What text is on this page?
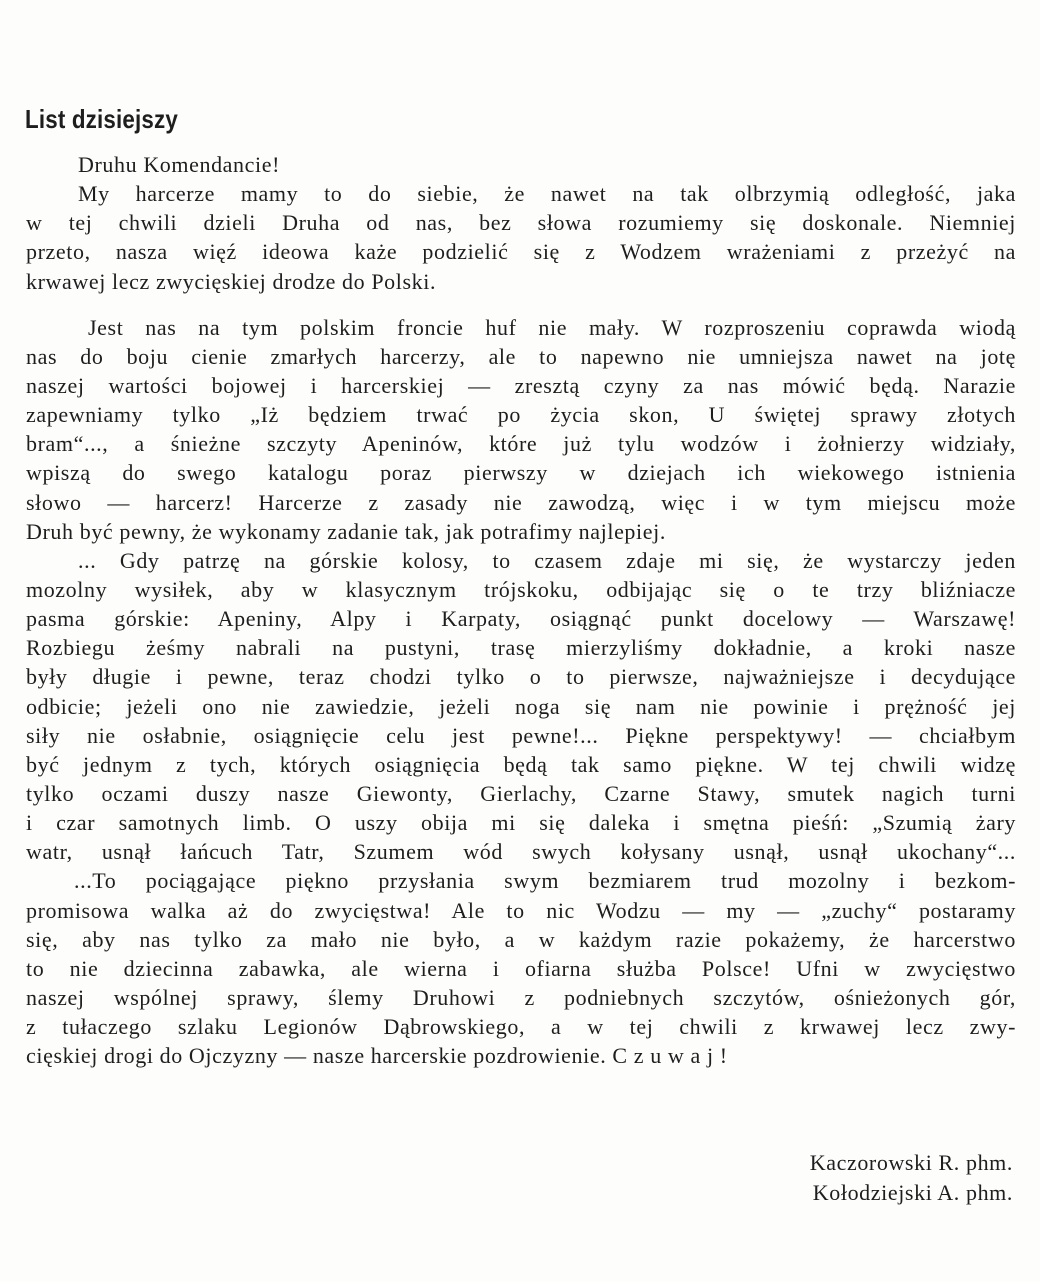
List dzisiejszy
Druhu Komendancie!
My harcerze mamy to do siebie, że nawet na tak olbrzymią odległość, jaka
w tej chwili dzieli Druha od nas, bez słowa rozumiemy się doskonale. Niemniej
przeto, nasza więź ideowa każe podzielić się z Wodzem wrażeniami z przeżyć na
krwawej lecz zwycięskiej drodze do Polski.
Jest nas na tym polskim froncie huf nie mały. W rozproszeniu coprawda wiodą
nas do boju cienie zmarłych harcerzy, ale to napewno nie umniejsza nawet na jotę
naszej wartości bojowej i harcerskiej — zresztą czyny za nas mówić będą. Narazie
zapewniamy tylko „Iż będziem trwać po życia skon, U świętej sprawy złotych
bram“..., a śnieżne szczyty Apeninów, które już tylu wodzów i żołnierzy widziały,
wpiszą do swego katalogu poraz pierwszy w dziejach ich wiekowego istnienia
słowo — harcerz! Harcerze z zasady nie zawodzą, więc i w tym miejscu może
Druh być pewny, że wykonamy zadanie tak, jak potrafimy najlepiej.
... Gdy patrzę na górskie kolosy, to czasem zdaje mi się, że wystarczy jeden
mozolny wysiłek, aby w klasycznym trójskoku, odbijając się o te trzy bliźniacze
pasma górskie: Apeniny, Alpy i Karpaty, osiągnąć punkt docelowy — Warszawę!
Rozbiegu żeśmy nabrali na pustyni, trasę mierzyliśmy dokładnie, a kroki nasze
były długie i pewne, teraz chodzi tylko o to pierwsze, najważniejsze i decydujące
odbicie; jeżeli ono nie zawiedzie, jeżeli noga się nam nie powinie i prężność jej
siły nie osłabnie, osiągnięcie celu jest pewne!... Piękne perspektywy! — chciałbym
być jednym z tych, których osiągnięcia będą tak samo piękne. W tej chwili widzę
tylko oczami duszy nasze Giewonty, Gierlachy, Czarne Stawy, smutek nagich turni
i czar samotnych limb. O uszy obija mi się daleka i smętna pieśń: „Szumią żary
watr, usnął łańcuch Tatr, Szumem wód swych kołysany usnął, usnął ukochany“...
...To pociągające piękno przysłania swym bezmiarem trud mozolny i bezkom-
promisowa walka aż do zwycięstwa! Ale to nic Wodzu — my — „zuchy“ postaramy
się, aby nas tylko za mało nie było, a w każdym razie pokażemy, że harcerstwo
to nie dziecinna zabawka, ale wierna i ofiarna służba Polsce! Ufni w zwycięstwo
naszej wspólnej sprawy, ślemy Druhowi z podniebnych szczytów, ośnieżonych gór,
z tułaczego szlaku Legionów Dąbrowskiego, a w tej chwili z krwawej lecz zwy-
cięskiej drogi do Ojczyzny — nasze harcerskie pozdrowienie. C z u w a j !
Kaczorowski R. phm.
Kołodziejski A. phm.
